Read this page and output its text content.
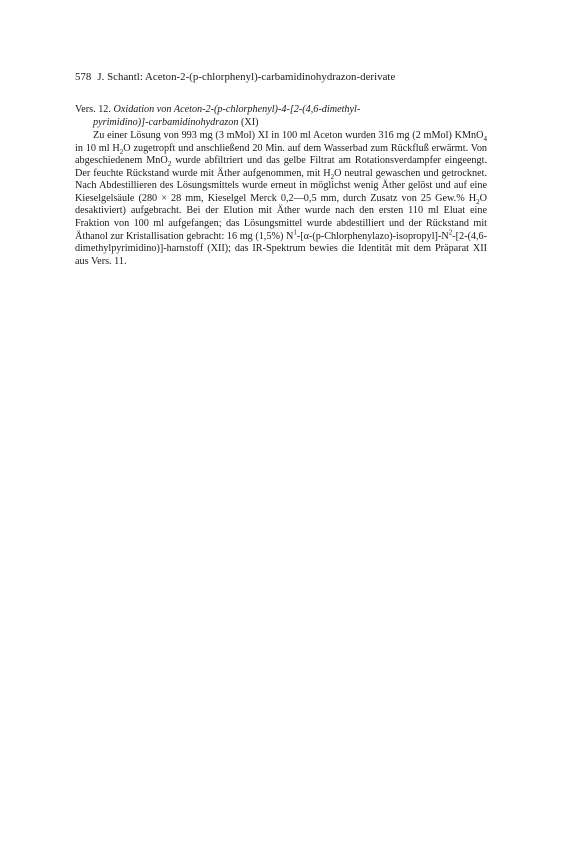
578 J. Schantl: Aceton-2-(p-chlorphenyl)-carbamidinohydrazon-derivate
Vers. 12. Oxidation von Aceton-2-(p-chlorphenyl)-4-[2-(4,6-dimethyl-
pyrimidino)]-carbamidinohydrazon (XI)

Zu einer Lösung von 993 mg (3 mMol) XI in 100 ml Aceton wurden 316 mg (2 mMol) KMnO$_4$ in 10 ml $H_2O$ zugetropft und anschließend 20 Min. auf dem Wasserbad zum Rückfluß erwärmt. Von abgeschiedenem MnO$_2$ wurde abfiltriert und das gelbe Filtrat am Rotationsverdampfer eingeengt. Der feuchte Rückstand wurde mit Äther aufgenommen, mit $H_2O$ neutral gewaschen und getrocknet. Nach Abdestillieren des Lösungsmittels wurde erneut in möglichst wenig Äther gelöst und auf eine Kieselgelsäule (280 × 28 mm, Kieselgel Merck 0,2—0,5 mm, durch Zusatz von 25 Gew.% $H_2O$ desaktiviert) aufgebracht. Bei der Elution mit Äther wurde nach den ersten 110 ml Eluat eine Fraktion von 100 ml aufgefangen; das Lösungsmittel wurde abdestilliert und der Rückstand mit Äthanol zur Kristallisation gebracht: 16 mg (1,5%) $N^1-[\alpha-(p-Chlorphenylazo)-isopropyl]-N^2-[2-(4,6-dimethylpyrimidino)]$-harnstoff (XII); das IR-Spektrum bewies die Identität mit dem Präparat XII aus Vers. 11.
